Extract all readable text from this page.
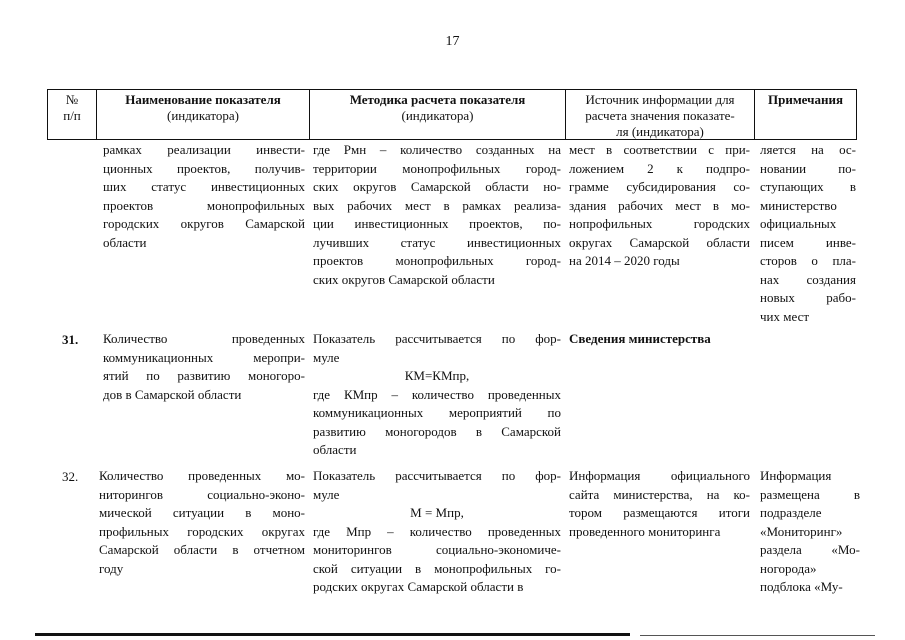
17
№
п/п
Наименование показателя
(индикатора)
Методика расчета показателя
(индикатора)
Источник информации для
расчета значения показате-
ля (индикатора)
Примечания
рамках реализации инвести-
ционных проектов, получив-
ших статус инвестиционных
проектов монопрофильных
городских округов Самарской
области
где Рмн – количество созданных на
территории монопрофильных город-
ских округов Самарской области но-
вых рабочих мест в рамках реализа-
ции инвестиционных проектов, по-
лучивших статус инвестиционных
проектов монопрофильных город-
ских округов Самарской области
мест в соответствии с при-
ложением 2 к подпро-
грамме субсидирования со-
здания рабочих мест в мо-
нопрофильных городских
округах Самарской области
на 2014 – 2020 годы
ляется на ос-
новании по-
ступающих в
министерство
официальных
писем инве-
сторов о пла-
нах создания
новых рабо-
чих мест
31. Количество проведенных
коммуникационных меропри-
ятий по развитию моногоро-
дов в Самарской области
Показатель рассчитывается по фор-
муле
КМ=КМпр,
где КМпр – количество проведенных
коммуникационных мероприятий по
развитию моногородов в Самарской
области
Сведения министерства
32. Количество проведенных мо-
ниторингов социально-эконо-
мической ситуации в моно-
профильных городских округах
Самарской области в отчетном
году
Показатель рассчитывается по фор-
муле
М = Мпр,
где Мпр – количество проведенных
мониторингов социально-экономиче-
ской ситуации в монопрофильных го-
родских округах Самарской области в
Информация официального
сайта министерства, на ко-
тором размещаются итоги
проведенного мониторинга
Информация
размещена в
подразделе
«Мониторинг»
раздела «Мо-
ногорода»
подблока «Му-
